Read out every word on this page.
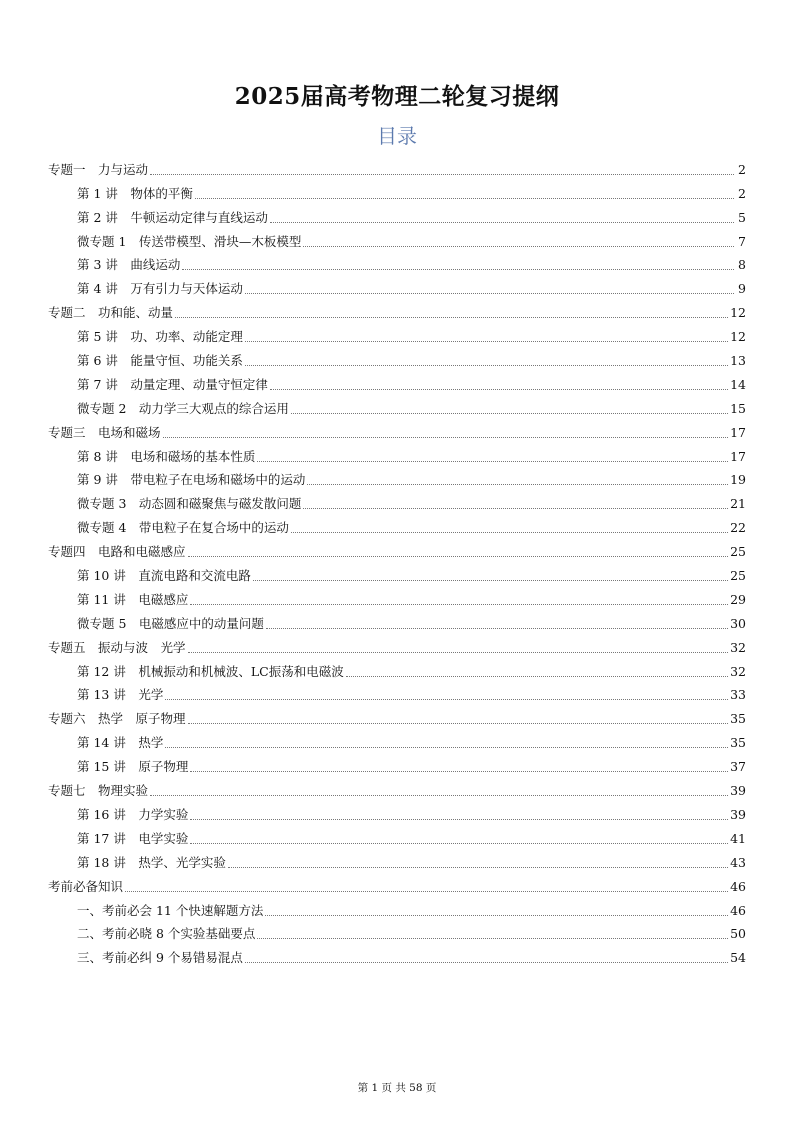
2025届高考物理二轮复习提纲
目录
专题一　力与运动	2
第 1 讲　物体的平衡	2
第 2 讲　牛顿运动定律与直线运动	5
微专题 1　传送带模型、滑块—木板模型	7
第 3 讲　曲线运动	8
第 4 讲　万有引力与天体运动	9
专题二　功和能、动量	12
第 5 讲　功、功率、动能定理	12
第 6 讲　能量守恒、功能关系	13
第 7 讲　动量定理、动量守恒定律	14
微专题 2　动力学三大观点的综合运用	15
专题三　电场和磁场	17
第 8 讲　电场和磁场的基本性质	17
第 9 讲　带电粒子在电场和磁场中的运动	19
微专题 3　动态圆和磁聚焦与磁发散问题	21
微专题 4　带电粒子在复合场中的运动	22
专题四　电路和电磁感应	25
第 10 讲　直流电路和交流电路	25
第 11 讲　电磁感应	29
微专题 5　电磁感应中的动量问题	30
专题五　振动与波　光学	32
第 12 讲　机械振动和机械波、LC振荡和电磁波	32
第 13 讲　光学	33
专题六　热学　原子物理	35
第 14 讲　热学	35
第 15 讲　原子物理	37
专题七　物理实验	39
第 16 讲　力学实验	39
第 17 讲　电学实验	41
第 18 讲　热学、光学实验	43
考前必备知识	46
一、考前必会 11 个快速解题方法	46
二、考前必晓 8 个实验基础要点	50
三、考前必纠 9 个易错易混点	54
第 1 页 共 58 页
